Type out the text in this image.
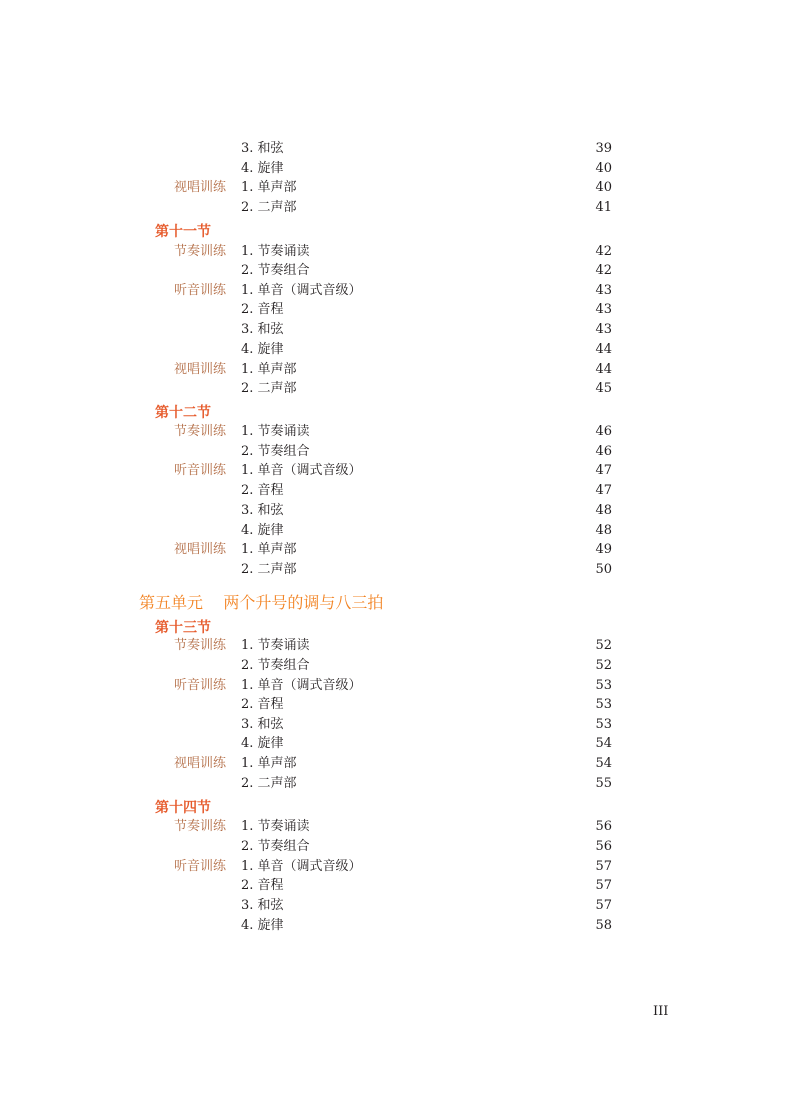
3. 和弦	39
4. 旋律	40
视唱训练 1. 单声部	40
2. 二声部	41
第十一节
节奏训练 1. 节奏诵读	42
2. 节奏组合	42
听音训练 1. 单音（调式音级）	43
2. 音程	43
3. 和弦	43
4. 旋律	44
视唱训练 1. 单声部	44
2. 二声部	45
第十二节
节奏训练 1. 节奏诵读	46
2. 节奏组合	46
听音训练 1. 单音（调式音级）	47
2. 音程	47
3. 和弦	48
4. 旋律	48
视唱训练 1. 单声部	49
2. 二声部	50
第五单元    两个升号的调与八三拍
第十三节
节奏训练 1. 节奏诵读	52
2. 节奏组合	52
听音训练 1. 单音（调式音级）	53
2. 音程	53
3. 和弦	53
4. 旋律	54
视唱训练 1. 单声部	54
2. 二声部	55
第十四节
节奏训练 1. 节奏诵读	56
2. 节奏组合	56
听音训练 1. 单音（调式音级）	57
2. 音程	57
3. 和弦	57
4. 旋律	58
III
